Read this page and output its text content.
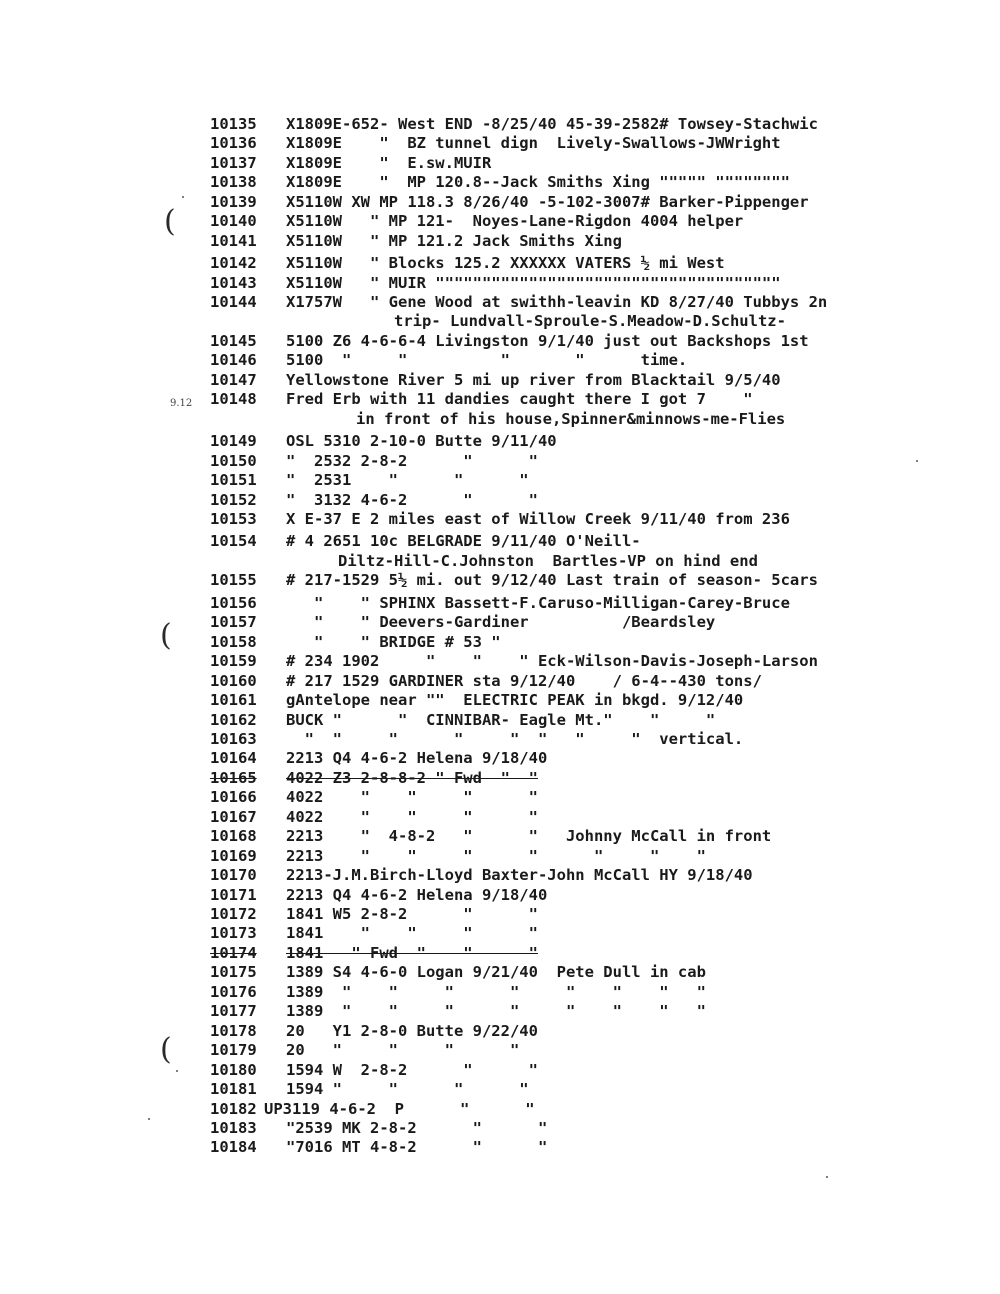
10135 X1809E-652- West END -8/25/40 45-39-2582# Towsey-Stachwic
10136 X1809E    "  BZ tunnel dign  Lively-Swallows-JWWright
10137 X1809E    "  E.sw.MUIR
10138 X1809E    "  MP 120.8--Jack Smiths Xing """"" """"""""
10139 X5110W XW MP 118.3 8/26/40 -5-102-3007# Barker-Pippenger
10140 X5110W   " MP 121-  Noyes-Lane-Rigdon 4004 helper
10141 X5110W   " MP 121.2 Jack Smiths Xing
10142 X5110W   " Blocks 125.2 XXXXXX VATERS ½ mi West
10143 X5110W   " MUIR """""""""""""""""""""""""""""""""""""
10144 X1757W   " Gene Wood at swithh-leavin KD 8/27/40 Tubbys 2n
trip- Lundvall-Sproule-S.Meadow-D.Schultz-
10145 5100 Z6 4-6-6-4 Livingston 9/1/40 just out Backshops 1st
10146 5100  "     "          "       "      time.
10147 Yellowstone River 5 mi up river from Blacktail 9/5/40
10148 Fred Erb with 11 dandies caught there I got 7    "
in front of his house,Spinner&minnows-me-Flies
10149 OSL 5310 2-10-0 Butte 9/11/40
10150 "  2532 2-8-2      "      "
10151 "  2531    "      "      "
10152 "  3132 4-6-2      "      "
10153 X E-37 E 2 miles east of Willow Creek 9/11/40 from 236
10154 # 4 2651 10c BELGRADE 9/11/40 O'Neill-
Diltz-Hill-C.Johnston  Bartles-VP on hind end
10155 # 217-1529 5½ mi. out 9/12/40 Last train of season- 5cars
10156 "    " SPHINX Bassett-F.Caruso-Milligan-Carey-Bruce
10157 "    " Deevers-Gardiner          /Beardsley
10158 "    " BRIDGE # 53 "
10159 # 234 1902     "    "    " Eck-Wilson-Davis-Joseph-Larson
10160 # 217 1529 GARDINER sta 9/12/40    / 6-4--430 tons/
10161 gAntelope near ""  ELECTRIC PEAK in bkgd. 9/12/40
10162 BUCK "      "  CINNIBAR- Eagle Mt."    "     "
10163 "  "     "      "     "  "   "     "  vertical.
10164 2213 Q4 4-6-2 Helena 9/18/40
10165 4022 Z3 2-8-8-2 " Fwd  "  "
10166 4022    "    "     "      "
10167 4022    "    "     "      "
10168 2213    "  4-8-2   "      "   Johnny McCall in front
10169 2213    "    "     "      "      "     "    "
10170 2213-J.M.Birch-Lloyd Baxter-John McCall HY 9/18/40
10171 2213 Q4 4-6-2 Helena 9/18/40
10172 1841 W5 2-8-2      "      "
10173 1841    "    "     "      "
10174 1841   " Fwd  "    "      "
10175 1389 S4 4-6-0 Logan 9/21/40  Pete Dull in cab
10176 1389  "    "     "      "     "    "    "   "
10177 1389  "    "     "      "     "    "    "   "
10178 20   Y1 2-8-0 Butte 9/22/40
10179 20   "     "     "      "
10180 1594 W  2-8-2      "      "
10181 1594 "     "      "      "
10182 UP3119 4-6-2  P      "      "
10183 "2539 MK 2-8-2      "      "
10184 "7016 MT 4-8-2      "      "
(
(
(
9.12
